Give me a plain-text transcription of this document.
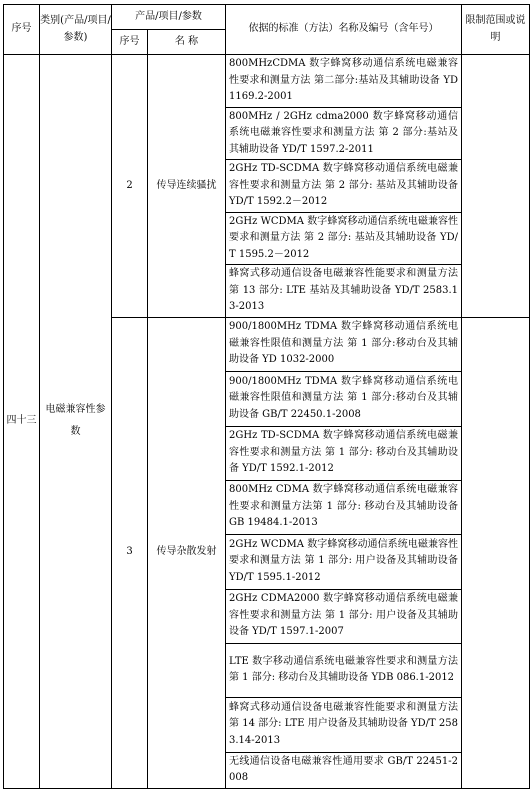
序号	类别(产品/项目/参数)	产品/项目/参数		依据的标准（方法）名称及编号（含年号）	限制范围或说明
		序号	名 称		
四十三	电磁兼容性参数	2	传导连续骚扰	800MHzCDMA 数字蜂窝移动通信系统电磁兼容性要求和测量方法 第二部分:基站及其辅助设备 YD 1169.2-2001	
				800MHz / 2GHz cdma2000 数字蜂窝移动通信系统电磁兼容性要求和测量方法 第 2 部分:基站及其辅助设备 YD/T 1597.2-2011	
				2GHz TD-SCDMA 数字蜂窝移动通信系统电磁兼容性要求和测量方法 第 2 部分: 基站及其辅助设备 YD/T 1592.2－2012	
				2GHz WCDMA 数字蜂窝移动通信系统电磁兼容性要求和测量方法 第 2 部分: 基站及其辅助设备 YD/T 1595.2－2012	
				蜂窝式移动通信设备电磁兼容性能要求和测量方法 第 13 部分: LTE 基站及其辅助设备 YD/T 2583.13-2013	
		3	传导杂散发射	900/1800MHz TDMA 数字蜂窝移动通信系统电磁兼容性限值和测量方法 第 1 部分:移动台及其辅助设备 YD 1032-2000	
				900/1800MHz TDMA 数字蜂窝移动通信系统电磁兼容性限值和测量方法 第 1 部分:移动台及其辅助设备 GB/T 22450.1-2008	
				2GHz TD-SCDMA 数字蜂窝移动通信系统电磁兼容性要求和测量方法 第 1 部分: 移动台及其辅助设备 YD/T 1592.1-2012	
				800MHz CDMA 数字蜂窝移动通信系统电磁兼容性要求和测量方法第 1 部分: 移动台及其辅助设备 GB 19484.1-2013	
				2GHz WCDMA 数字蜂窝移动通信系统电磁兼容性要求和测量方法 第 1 部分: 用户设备及其辅助设备 YD/T 1595.1-2012	
				2GHz CDMA2000 数字蜂窝移动通信系统电磁兼容性要求和测量方法 第 1 部分: 用户设备及其辅助设备 YD/T 1597.1-2007	
				LTE 数字移动通信系统电磁兼容性要求和测量方法 第 1 部分: 移动台及其辅助设备 YDB 086.1-2012	
				蜂窝式移动通信设备电磁兼容性能要求和测量方法 第 14 部分: LTE 用户设备及其辅助设备 YD/T 2583.14-2013	
				无线通信设备电磁兼容性通用要求 GB/T 22451-2008	
